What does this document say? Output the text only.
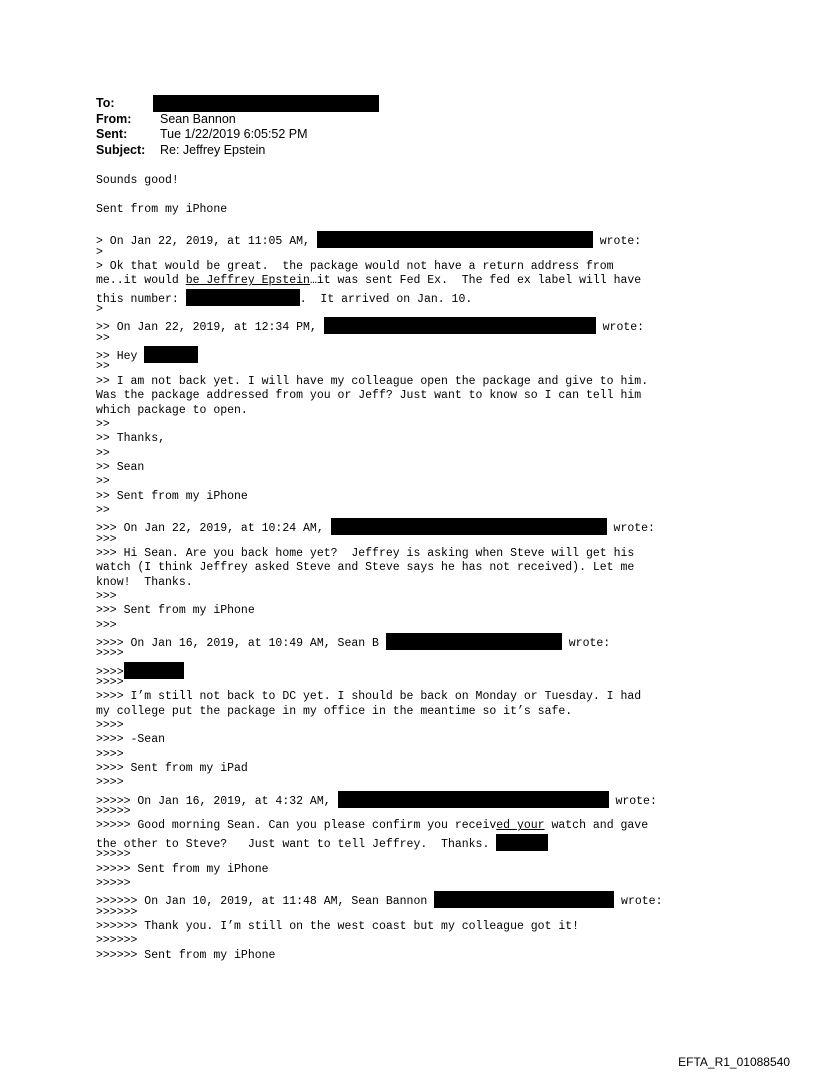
To:
From: Sean Bannon
Sent:	Tue 1/22/2019 6:05:52 PM
Subject: Re: Jeffrey Epstein
Sounds good!
Sent from my iPhone
> On Jan 22, 2019, at 11:05 AM,	wrote:
>
> Ok that would be great.  the package would not have a return address from
me..it would be Jeffrey Epstein…it was sent Fed Ex.  The fed ex label will have
this number:	.  It arrived on Jan. 10.
>
>> On Jan 22, 2019, at 12:34 PM,	wrote:
>>
>> Hey
>>
>> I am not back yet. I will have my colleague open the package and give to him.
Was the package addressed from you or Jeff? Just want to know so I can tell him
which package to open.
>>
>> Thanks,
>>
>> Sean
>>
>> Sent from my iPhone
>>
>>> On Jan 22, 2019, at 10:24 AM,	wrote:
>>>
>>> Hi Sean. Are you back home yet?  Jeffrey is asking when Steve will get his
watch (I think Jeffrey asked Steve and Steve says he has not received). Let me
know!  Thanks.
>>>
>>> Sent from my iPhone
>>>
>>>> On Jan 16, 2019, at 10:49 AM, Sean B	wrote:
>>>>
>>>>
>>>>
>>>> I’m still not back to DC yet. I should be back on Monday or Tuesday. I had
my college put the package in my office in the meantime so it’s safe.
>>>>
>>>> -Sean
>>>>
>>>> Sent from my iPad
>>>>
>>>>> On Jan 16, 2019, at 4:32 AM,	wrote:
>>>>>
>>>>> Good morning Sean. Can you please confirm you received your watch and gave
the other to Steve?   Just want to tell Jeffrey.  Thanks.
>>>>>
>>>>> Sent from my iPhone
>>>>>
>>>>>> On Jan 10, 2019, at 11:48 AM, Sean Bannon	wrote:
>>>>>>
>>>>>> Thank you. I’m still on the west coast but my colleague got it!
>>>>>>
>>>>>> Sent from my iPhone
EFTA_R1_01088540
